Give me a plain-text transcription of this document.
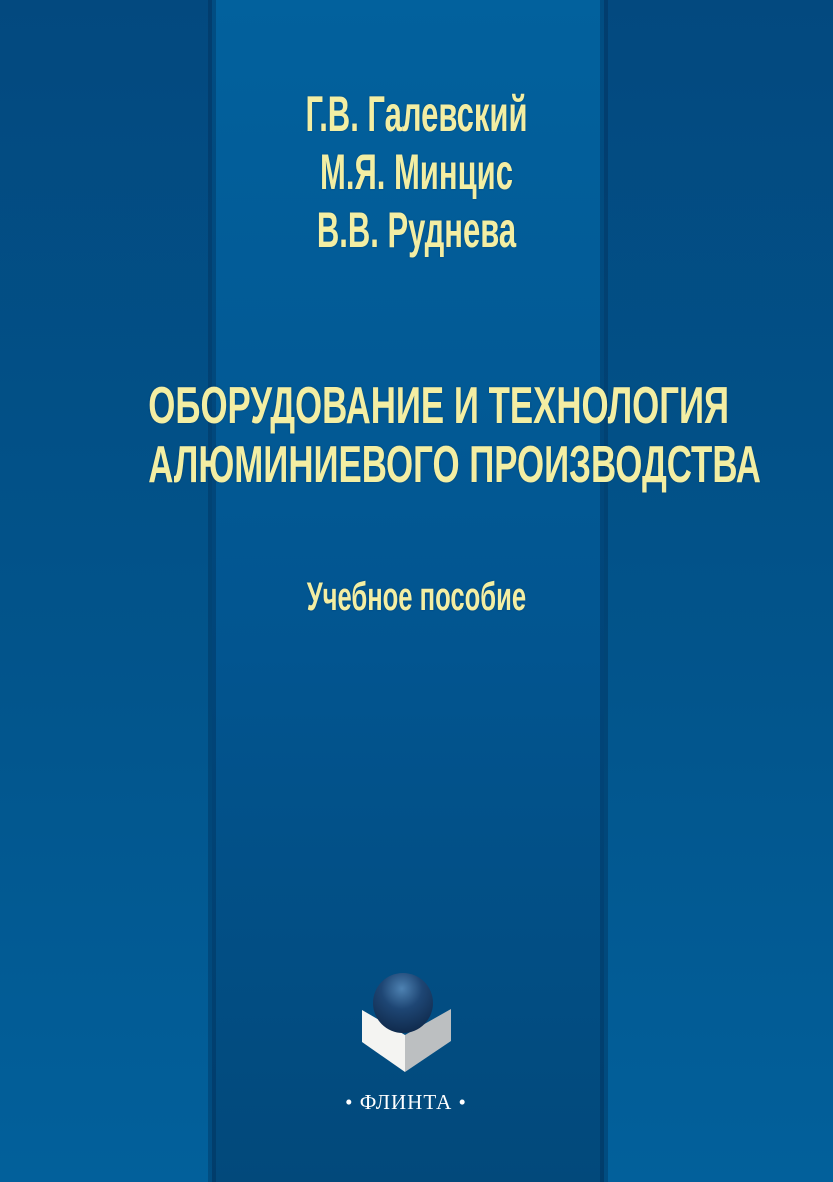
Г.В. Галевский
М.Я. Минцис
В.В. Руднева
ОБОРУДОВАНИЕ И ТЕХНОЛОГИЯ
АЛЮМИНИЕВОГО ПРОИЗВОДСТВА
Учебное пособие
• ФЛИНТА •
